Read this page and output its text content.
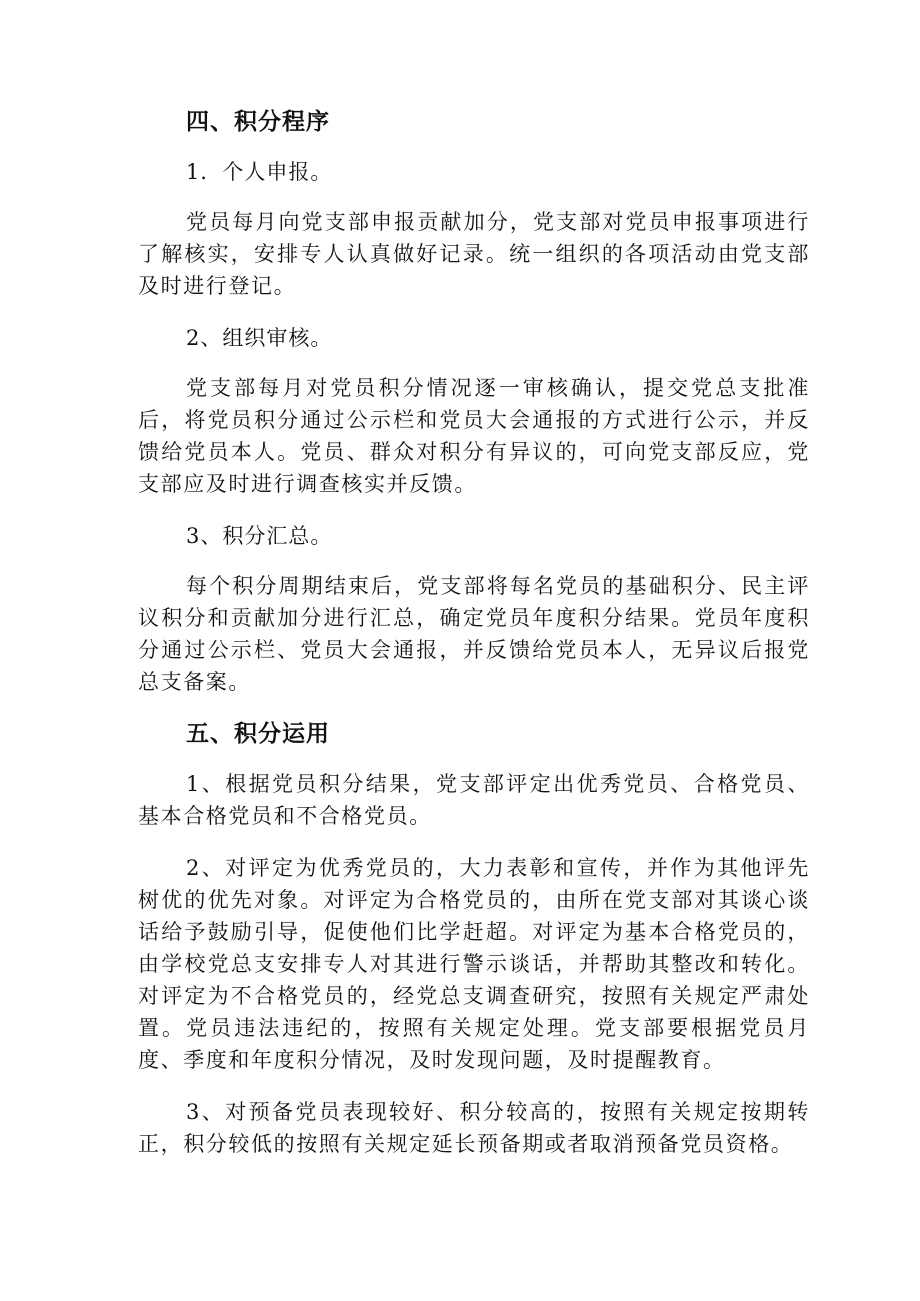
四、积分程序

1．个人申报。

党员每月向党支部申报贡献加分，党支部对党员申报事项进行了解核实，安排专人认真做好记录。统一组织的各项活动由党支部及时进行登记。

2、组织审核。

党支部每月对党员积分情况逐一审核确认，提交党总支批准后，将党员积分通过公示栏和党员大会通报的方式进行公示，并反馈给党员本人。党员、群众对积分有异议的，可向党支部反应，党支部应及时进行调查核实并反馈。

3、积分汇总。

每个积分周期结束后，党支部将每名党员的基础积分、民主评议积分和贡献加分进行汇总，确定党员年度积分结果。党员年度积分通过公示栏、党员大会通报，并反馈给党员本人，无异议后报党总支备案。

五、积分运用

1、根据党员积分结果，党支部评定出优秀党员、合格党员、基本合格党员和不合格党员。

2、对评定为优秀党员的，大力表彰和宣传，并作为其他评先树优的优先对象。对评定为合格党员的，由所在党支部对其谈心谈话给予鼓励引导，促使他们比学赶超。对评定为基本合格党员的，由学校党总支安排专人对其进行警示谈话，并帮助其整改和转化。对评定为不合格党员的，经党总支调查研究，按照有关规定严肃处置。党员违法违纪的，按照有关规定处理。党支部要根据党员月度、季度和年度积分情况，及时发现问题，及时提醒教育。

3、对预备党员表现较好、积分较高的，按照有关规定按期转正，积分较低的按照有关规定延长预备期或者取消预备党员资格。
